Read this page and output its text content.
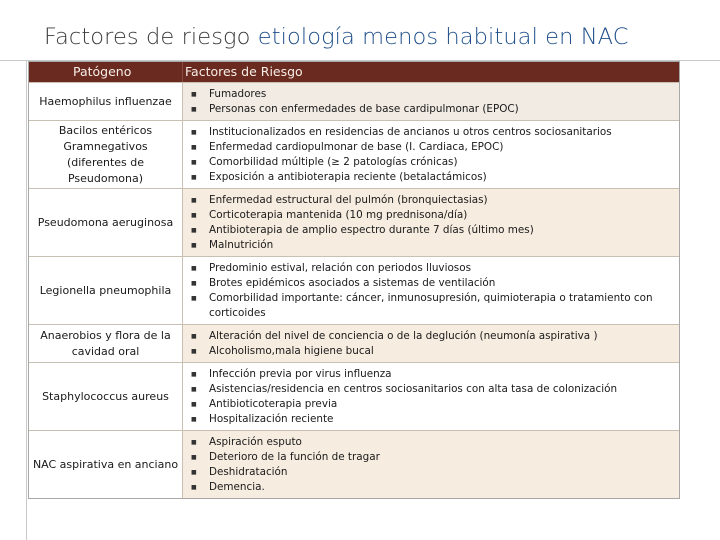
Factores de riesgo etiología menos habitual en NAC
Patógeno	Factores de Riesgo
Haemophilus influenzae	■	Fumadores
■	Personas con enfermedades de base cardipulmonar (EPOC)
Bacilos entéricos Gramnegativos (diferentes de Pseudomona)
■	Institucionalizados en residencias de ancianos u otros centros sociosanitarios
■	Enfermedad cardiopulmonar de base (I. Cardiaca, EPOC)
■	Comorbilidad múltiple (≥ 2 patologías crónicas)
■	Exposición a antibioterapia reciente (betalactámicos)
Pseudomona aeruginosa
■	Enfermedad estructural del pulmón (bronquiectasias)
■	Corticoterapia mantenida (10 mg prednisona/día)
■	Antibioterapia de amplio espectro durante 7 días (último mes)
■	Malnutrición
Legionella pneumophila
■	Predominio estival, relación con periodos lluviosos
■	Brotes epidémicos asociados a sistemas de ventilación
■	Comorbilidad importante: cáncer, inmunosupresión, quimioterapia o tratamiento con corticoides
Anaerobios y flora de la cavidad oral
■	Alteración del nivel de conciencia o de la deglución (neumonía aspirativa )
■	Alcoholismo,mala higiene bucal
Staphylococcus aureus
■	Infección previa por virus influenza
■	Asistencias/residencia en centros sociosanitarios con alta tasa de colonización
■	Antibioticoterapia previa
■	Hospitalización reciente
NAC aspirativa en anciano
■	Aspiración esputo
■	Deterioro de la función de tragar
■	Deshidratación
■	Demencia.
